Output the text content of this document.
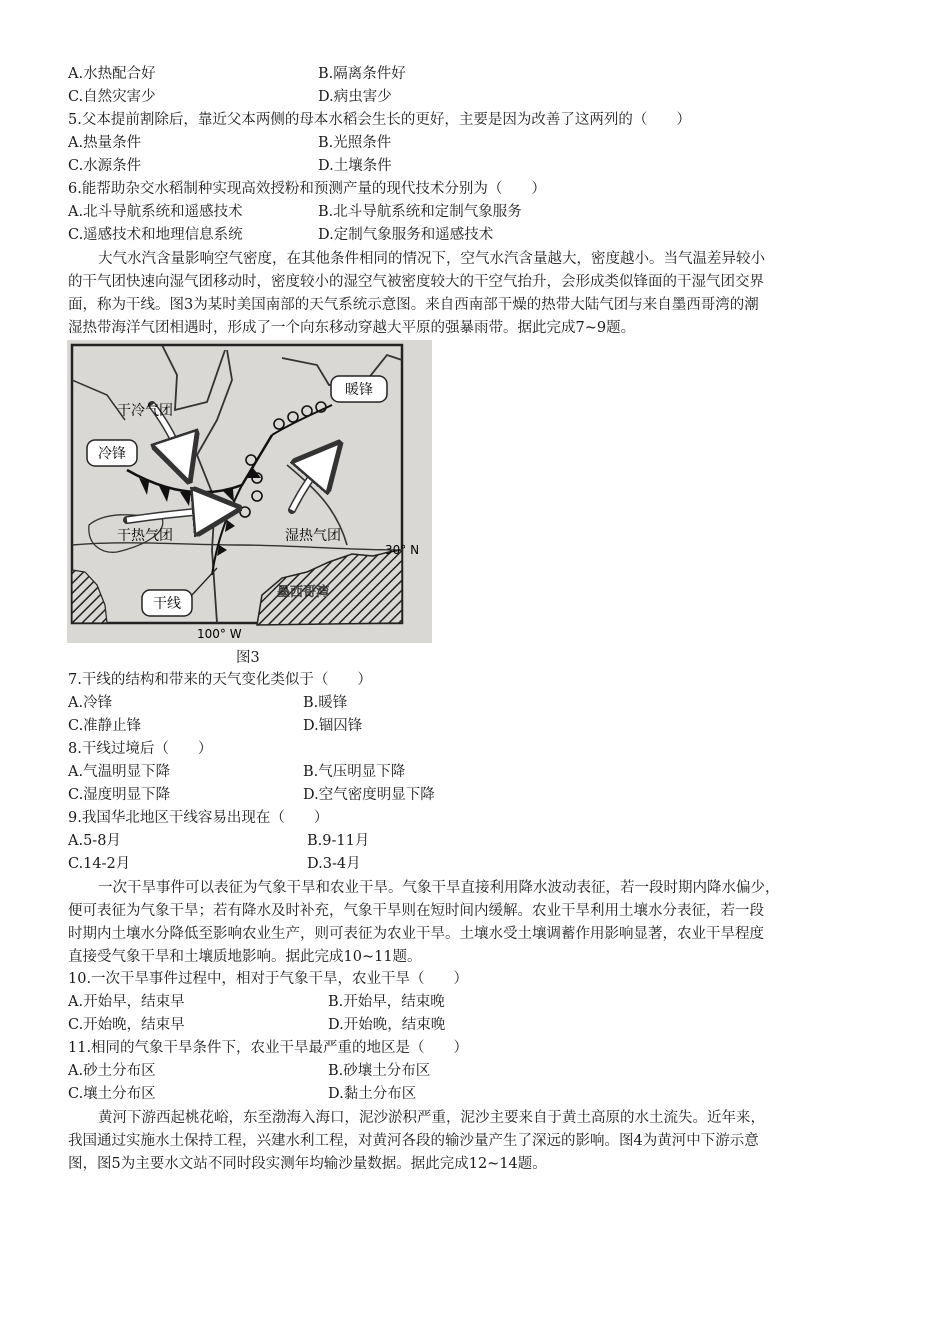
A.水热配合好	B.隔离条件好
C.自然灾害少	D.病虫害少
5.父本提前割除后，靠近父本两侧的母本水稻会生长的更好，主要是因为改善了这两列的（　　）
A.热量条件	B.光照条件
C.水源条件	D.土壤条件
6.能帮助杂交水稻制种实现高效授粉和预测产量的现代技术分别为（　　）
A.北斗导航系统和遥感技术	B.北斗导航系统和定制气象服务
C.遥感技术和地理信息系统	D.定制气象服务和遥感技术
大气水汽含量影响空气密度，在其他条件相同的情况下，空气水汽含量越大，密度越小。当气温差异较小
的干气团快速向湿气团移动时，密度较小的湿空气被密度较大的干空气抬升，会形成类似锋面的干湿气团交界
面，称为干线。图3为某时美国南部的天气系统示意图。来自西南部干燥的热带大陆气团与来自墨西哥湾的潮
湿热带海洋气团相遇时，形成了一个向东移动穿越大平原的强暴雨带。据此完成7~9题。
暖锋
冷锋
干线
干冷气团
干热气团	湿热气团
墨西哥湾
30° N
100° W
图3
7.干线的结构和带来的天气变化类似于（　　）
A.冷锋	B.暖锋
C.准静止锋	D.锢囚锋
8.干线过境后（　　）
A.气温明显下降	B.气压明显下降
C.湿度明显下降	D.空气密度明显下降
9.我国华北地区干线容易出现在（　　）
A.5-8月	B.9-11月
C.14-2月	D.3-4月
一次干旱事件可以表征为气象干旱和农业干旱。气象干旱直接利用降水波动表征，若一段时期内降水偏少，
便可表征为气象干旱；若有降水及时补充，气象干旱则在短时间内缓解。农业干旱利用土壤水分表征，若一段
时期内土壤水分降低至影响农业生产，则可表征为农业干旱。土壤水受土壤调蓄作用影响显著，农业干旱程度
直接受气象干旱和土壤质地影响。据此完成10~11题。
10.一次干旱事件过程中，相对于气象干旱，农业干旱（　　）
A.开始早，结束早	B.开始早，结束晚
C.开始晚，结束早	D.开始晚，结束晚
11.相同的气象干旱条件下，农业干旱最严重的地区是（　　）
A.砂土分布区	B.砂壤土分布区
C.壤土分布区	D.黏土分布区
黄河下游西起桃花峪，东至渤海入海口，泥沙淤积严重，泥沙主要来自于黄土高原的水土流失。近年来，
我国通过实施水土保持工程，兴建水利工程，对黄河各段的输沙量产生了深远的影响。图4为黄河中下游示意
图，图5为主要水文站不同时段实测年均输沙量数据。据此完成12~14题。
